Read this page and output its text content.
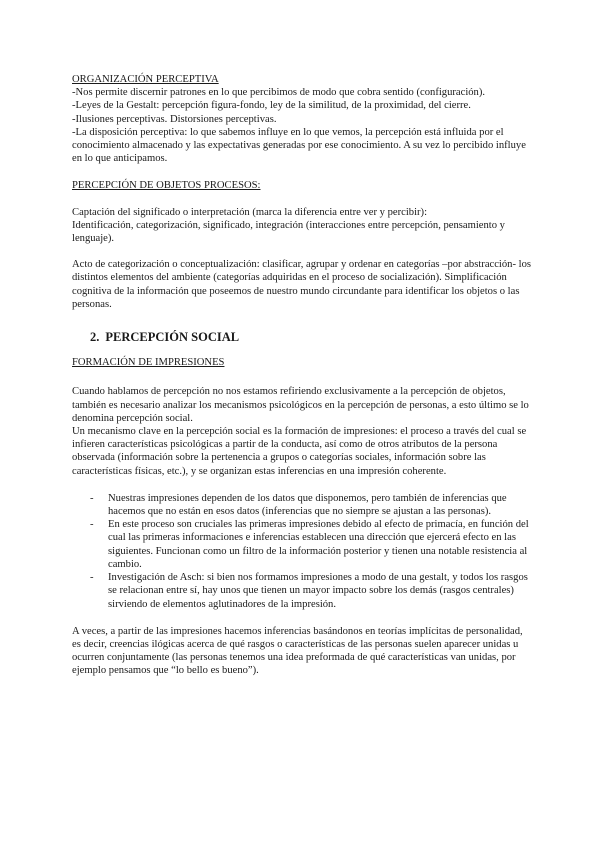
ORGANIZACIÓN PERCEPTIVA

-Nos permite discernir patrones en lo que percibimos de modo que cobra sentido (configuración).

-Leyes de la Gestalt: percepción figura-fondo, ley de la similitud, de la proximidad, del cierre.

-Ilusiones perceptivas. Distorsiones perceptivas.

-La disposición perceptiva: lo que sabemos influye en lo que vemos, la percepción está influida por el conocimiento almacenado y las expectativas generadas por ese conocimiento. A su vez lo percibido influye en lo que anticipamos.

PERCEPCIÓN DE OBJETOS PROCESOS:

Captación del significado o interpretación (marca la diferencia entre ver y percibir):

Identificación, categorización, significado, integración (interacciones entre percepción, pensamiento y lenguaje).

Acto de categorización o conceptualización: clasificar, agrupar y ordenar en categorías –por abstracción- los distintos elementos del ambiente (categorías adquiridas en el proceso de socialización). Simplificación cognitiva de la información que poseemos de nuestro mundo circundante para identificar los objetos o las personas.

2. PERCEPCIÓN SOCIAL

FORMACIÓN DE IMPRESIONES

Cuando hablamos de percepción no nos estamos refiriendo exclusivamente a la percepción de objetos, también es necesario analizar los mecanismos psicológicos en la percepción de personas, a esto último se lo denomina percepción social.

Un mecanismo clave en la percepción social es la formación de impresiones: el proceso a través del cual se infieren características psicológicas a partir de la conducta, así como de otros atributos de la persona observada (información sobre la pertenencia a grupos o categorías sociales, información sobre las características físicas, etc.), y se organizan estas inferencias en una impresión coherente.

- Nuestras impresiones dependen de los datos que disponemos, pero también de inferencias que hacemos que no están en esos datos (inferencias que no siempre se ajustan a las personas).
- En este proceso son cruciales las primeras impresiones debido al efecto de primacía, en función del cual las primeras informaciones e inferencias establecen una dirección que ejercerá efecto en las siguientes. Funcionan como un filtro de la información posterior y tienen una notable resistencia al cambio.
- Investigación de Asch: si bien nos formamos impresiones a modo de una gestalt, y todos los rasgos se relacionan entre sí, hay unos que tienen un mayor impacto sobre los demás (rasgos centrales) sirviendo de elementos aglutinadores de la impresión.

A veces, a partir de las impresiones hacemos inferencias basándonos en teorías implícitas de personalidad, es decir, creencias ilógicas acerca de qué rasgos o características de las personas suelen aparecer unidas u ocurren conjuntamente (las personas tenemos una idea preformada de qué características van unidas, por ejemplo pensamos que “lo bello es bueno”).
